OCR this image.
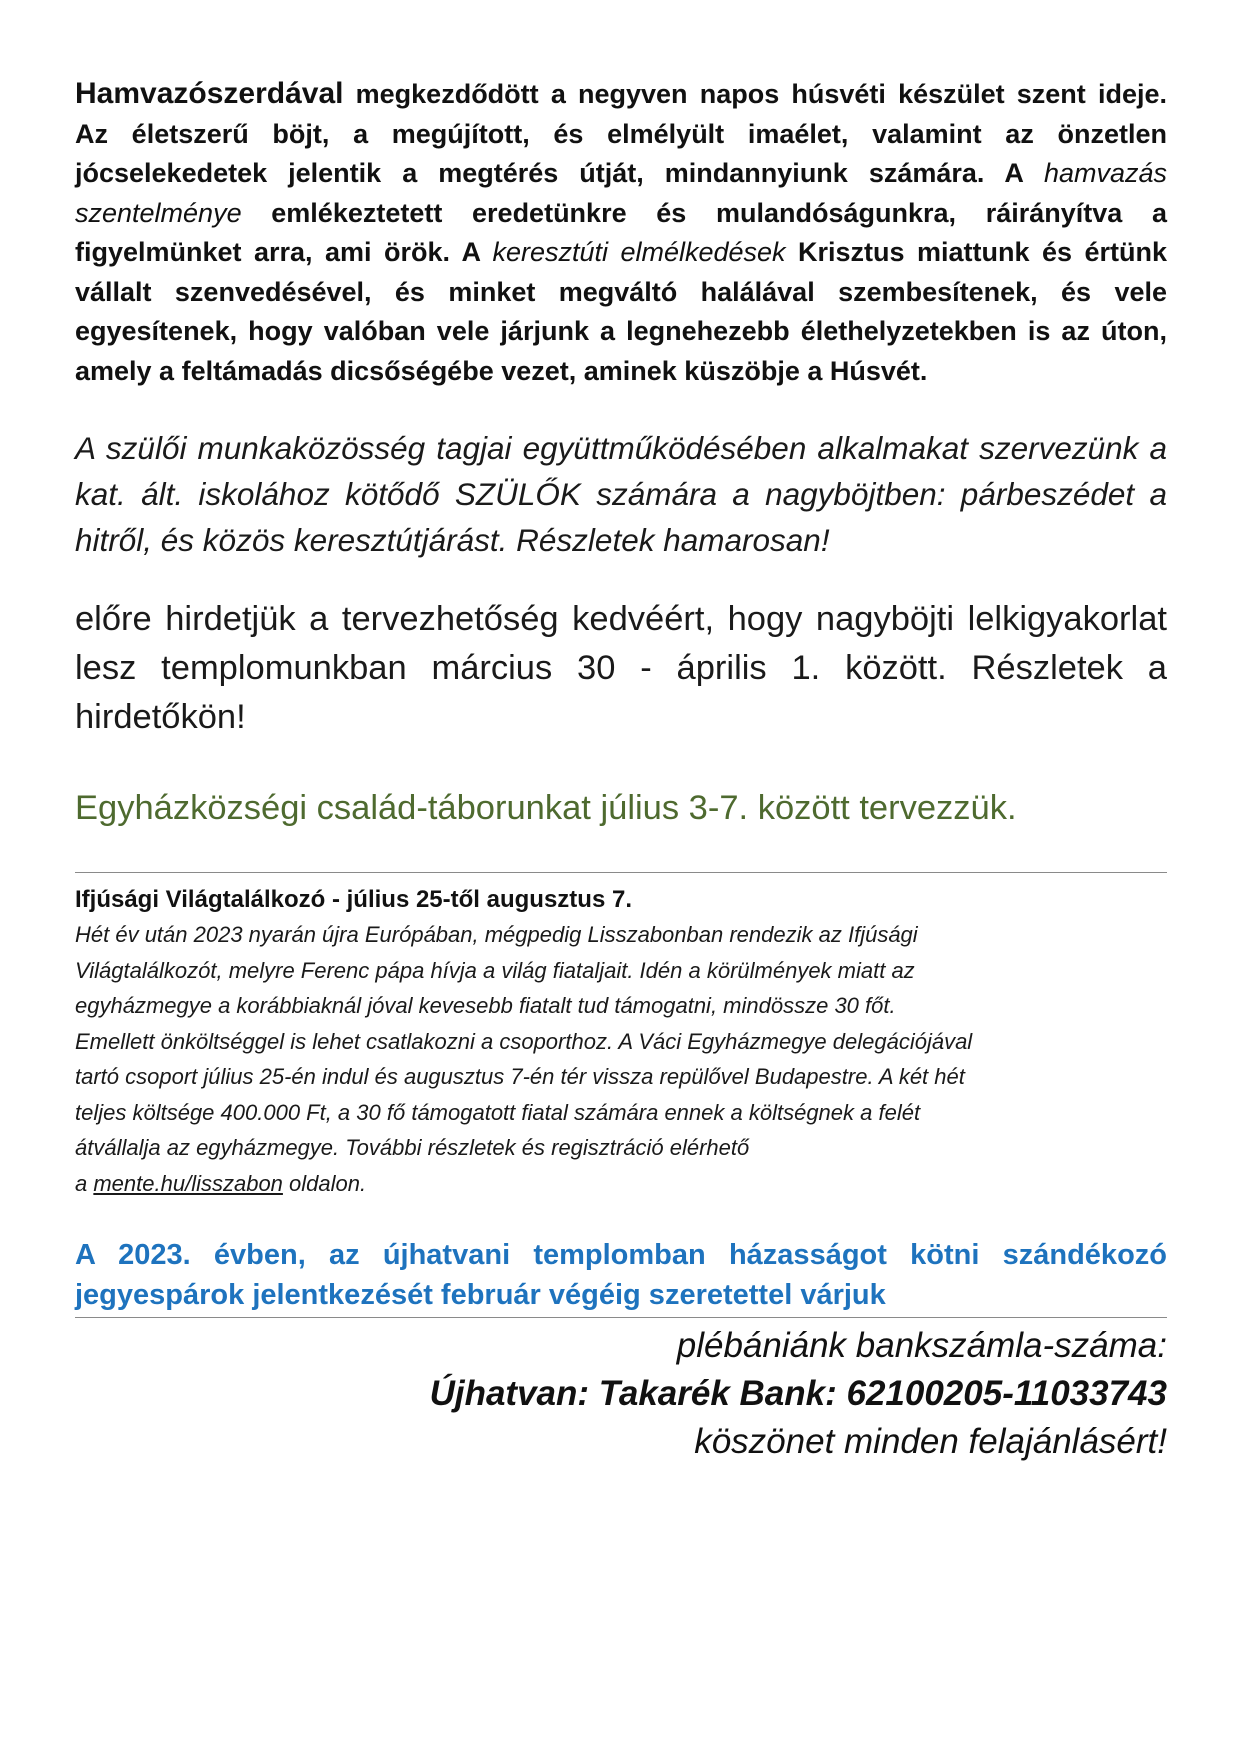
Hamvazószerdával megkezdődött a negyven napos húsvéti készület szent ideje. Az életszerű böjt, a megújított, és elmélyült imaélet, valamint az önzetlen jócselekedetek jelentik a megtérés útját, mindannyiunk számára. A hamvazás szentelménye emlékeztetett eredetünkre és mulandóságunkra, ráirányítva a figyelmünket arra, ami örök. A keresztúti elmélkedések Krisztus miattunk és értünk vállalt szenvedésével, és minket megváltó halálával szembesítenek, és vele egyesítenek, hogy valóban vele járjunk a legnehezebb élethelyzetekben is az úton, amely a feltámadás dicsőségébe vezet, aminek küszöbje a Húsvét.

A szülői munkaközösség tagjai együttműködésében alkalmakat szervezünk a kat. ált. iskolához kötődő SZÜLŐK számára a nagyböjtben: párbeszédet a hitről, és közös keresztútjárást. Részletek hamarosan!

előre hirdetjük a tervezhetőség kedvéért, hogy nagyböjti lelkigyakorlat lesz templomunkban március 30 - április 1. között. Részletek a hirdetőkön!

Egyházközségi család-táborunkat július 3-7. között tervezzük.

Ifjúsági Világtalálkozó - július 25-től augusztus 7.

Hét év után 2023 nyarán újra Európában, mégpedig Lisszabonban rendezik az Ifjúsági
Világtalálkozót, melyre Ferenc pápa hívja a világ fiataljait. Idén a körülmények miatt az
egyházmegye a korábbiaknál jóval kevesebb fiatalt tud támogatni, mindössze 30 főt.
Emellett önköltséggel is lehet csatlakozni a csoporthoz. A Váci Egyházmegye delegációjával
tartó csoport július 25-én indul és augusztus 7-én tér vissza repülővel Budapestre. A két hét
teljes költsége 400.000 Ft, a 30 fő támogatott fiatal számára ennek a költségnek a felét
átvállalja az egyházmegye. További részletek és regisztráció elérhető
a mente.hu/lisszabon oldalon.

A 2023. évben, az újhatvani templomban házasságot kötni szándékozó jegyespárok jelentkezését február végéig szeretettel várjuk

plébániánk bankszámla-száma:
Újhatvan: Takarék Bank: 62100205-11033743
köszönet minden felajánlásért!
